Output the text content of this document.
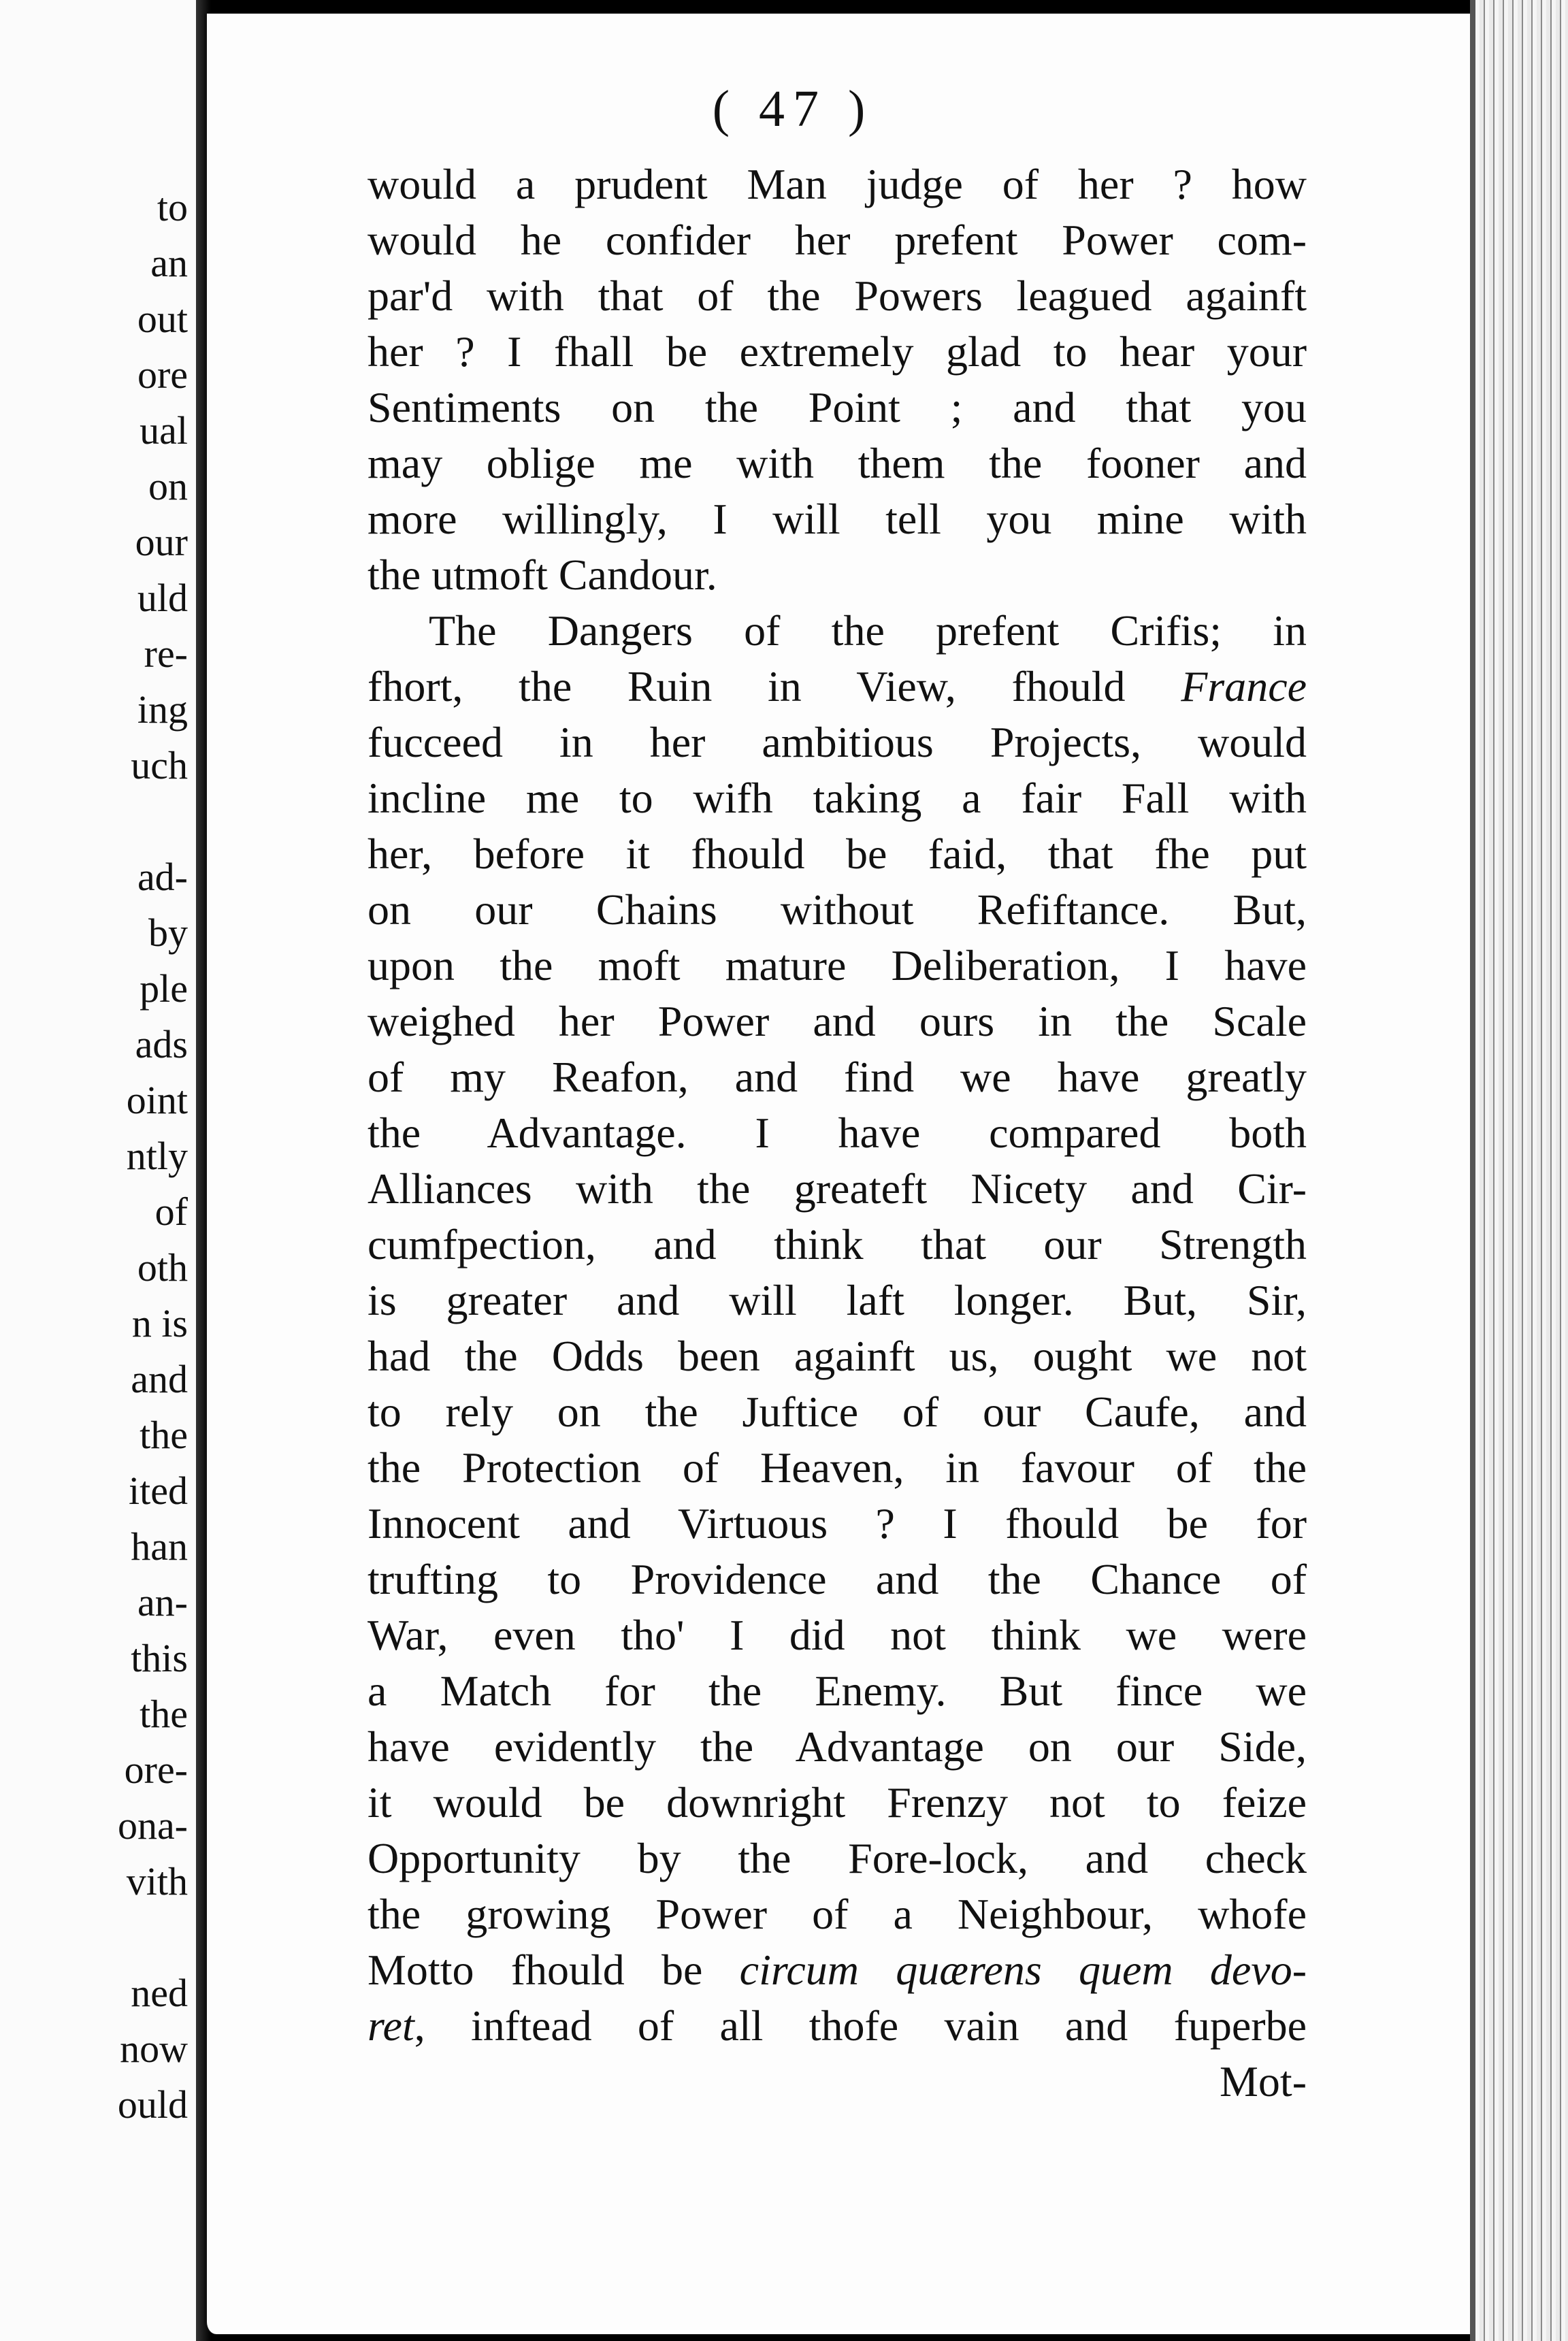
to
an
out
ore
ual
on
our
uld
re-
ing
uch
ad-
by
ple
ads
oint
ntly
of
oth
n is
and
the
ited
han
an-
this
the
ore-
ona-
vith
ned
now
ould
( 47 )
would a prudent Man judge of her ? how
would he confider her prefent Power com-
par'd with that of the Powers leagued againft
her ? I fhall be extremely glad to hear your
Sentiments on the Point ; and that you
may oblige me with them the fooner and
more willingly, I will tell you mine with
the utmoft Candour.
The Dangers of the prefent Crifis; in
fhort, the Ruin in View, fhould France
fucceed in her ambitious Projects, would
incline me to wifh taking a fair Fall with
her, before it fhould be faid, that fhe put
on our Chains without Refiftance. But,
upon the moft mature Deliberation, I have
weighed her Power and ours in the Scale
of my Reafon, and find we have greatly
the Advantage. I have compared both
Alliances with the greateft Nicety and Cir-
cumfpection, and think that our Strength
is greater and will laft longer. But, Sir,
had the Odds been againft us, ought we not
to rely on the Juftice of our Caufe, and
the Protection of Heaven, in favour of the
Innocent and Virtuous ? I fhould be for
trufting to Providence and the Chance of
War, even tho' I did not think we were
a Match for the Enemy. But fince we
have evidently the Advantage on our Side,
it would be downright Frenzy not to feize
Opportunity by the Fore-lock, and check
the growing Power of a Neighbour, whofe
Motto fhould be circum quærens quem devo-
ret, inftead of all thofe vain and fuperbe
Mot-
